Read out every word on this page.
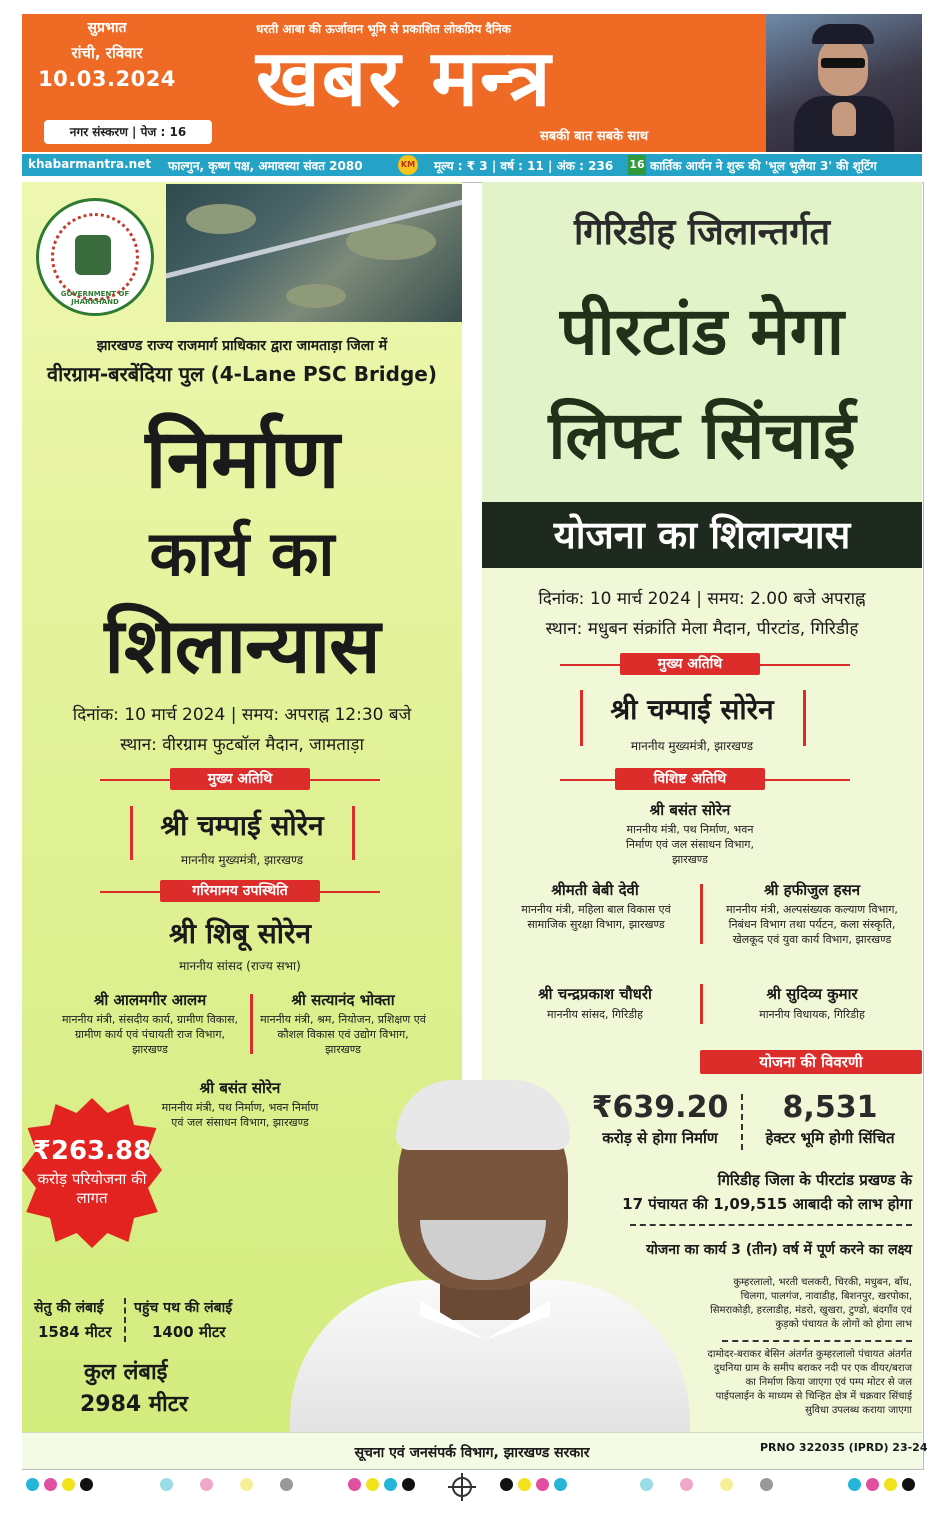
सुप्रभात
रांची, रविवार
10.03.2024
नगर संस्करण | पेज : 16
धरती आबा की ऊर्जावान भूमि से प्रकाशित लोकप्रिय दैनिक
खबर मन्त्र
सबकी बात सबके साथ
khabarmantra.net फाल्गुन, कृष्ण पक्ष, अमावस्या संवत 2080	KM मूल्य : ₹ 3 | वर्ष : 11 | अंक : 236 16 कार्तिक आर्यन ने शुरू की 'भूल भुलैया 3' की शूटिंग
GOVERNMENT OF JHARKHAND
झारखण्ड राज्य राजमार्ग प्राधिकार द्वारा जामताड़ा जिला में
वीरग्राम-बरबेंदिया पुल (4-Lane PSC Bridge)
निर्माण
कार्य का
शिलान्यास
दिनांक: 10 मार्च 2024 | समय: अपराह्न 12:30 बजे
स्थान: वीरग्राम फुटबॉल मैदान, जामताड़ा
मुख्य अतिथि
श्री चम्पाई सोरेन
माननीय मुख्यमंत्री, झारखण्ड
गरिमामय उपस्थिति
श्री शिबू सोरेन
माननीय सांसद (राज्य सभा)
श्री आलमगीर आलम
माननीय मंत्री, संसदीय कार्य, ग्रामीण विकास, ग्रामीण कार्य एवं पंचायती राज विभाग, झारखण्ड
श्री सत्यानंद भोक्ता
माननीय मंत्री, श्रम, नियोजन, प्रशिक्षण एवं कौशल विकास एवं उद्योग विभाग, झारखण्ड
श्री बसंत सोरेन
माननीय मंत्री, पथ निर्माण, भवन निर्माण एवं जल संसाधन विभाग, झारखण्ड
₹263.88
करोड़ परियोजना की लागत
सेतु की लंबाई
1584 मीटर
पहुंच पथ की लंबाई
1400 मीटर
कुल लंबाई
2984 मीटर
गिरिडीह जिलान्तर्गत
पीरटांड मेगा
लिफ्ट सिंचाई
योजना का शिलान्यास
दिनांक: 10 मार्च 2024 | समय: 2.00 बजे अपराह्न
स्थान: मधुबन संक्रांति मेला मैदान, पीरटांड, गिरिडीह
मुख्य अतिथि
श्री चम्पाई सोरेन
माननीय मुख्यमंत्री, झारखण्ड
विशिष्ट अतिथि
श्री बसंत सोरेन
माननीय मंत्री, पथ निर्माण, भवन निर्माण एवं जल संसाधन विभाग, झारखण्ड
श्रीमती बेबी देवी
माननीय मंत्री, महिला बाल विकास एवं सामाजिक सुरक्षा विभाग, झारखण्ड
श्री हफीजुल हसन
माननीय मंत्री, अल्पसंख्यक कल्याण विभाग, निबंधन विभाग तथा पर्यटन, कला संस्कृति, खेलकूद एवं युवा कार्य विभाग, झारखण्ड
श्री चन्द्रप्रकाश चौधरी
माननीय सांसद, गिरिडीह
श्री सुदिव्य कुमार
माननीय विधायक, गिरिडीह
योजना की विवरणी
₹639.20
करोड़ से होगा निर्माण
8,531
हेक्टर भूमि होगी सिंचित
गिरिडीह जिला के पीरटांड प्रखण्ड के
17 पंचायत की 1,09,515 आबादी को लाभ होगा
योजना का कार्य 3 (तीन) वर्ष में पूर्ण करने का लक्ष्य
कुम्हरलालो, भरती चलकरी, चिरकी, मधुबन, बाँध, चिलगा, पालगंज, नावाडीह, बिशनपुर, खरपोका, सिमराकोड़ी, हरलाडीह, मंडरो, खुखरा, टुण्डो, बंदगाँव एवं कुड़को पंचायत के लोगों को होगा लाभ
दामोदर-बराकर बेसिन अंतर्गत कुम्हरलालो पंचायत अंतर्गत दुधनिया ग्राम के समीप बराकर नदी पर एक वीयर/बराज का निर्माण किया जाएगा एवं पम्प मोटर से जल पाईपलाईन के माध्यम से चिन्हित क्षेत्र में चक्रवार सिंचाई सुविधा उपलब्ध कराया जाएगा
सूचना एवं जनसंपर्क विभाग, झारखण्ड सरकार	PRNO 322035 (IPRD) 23-24
